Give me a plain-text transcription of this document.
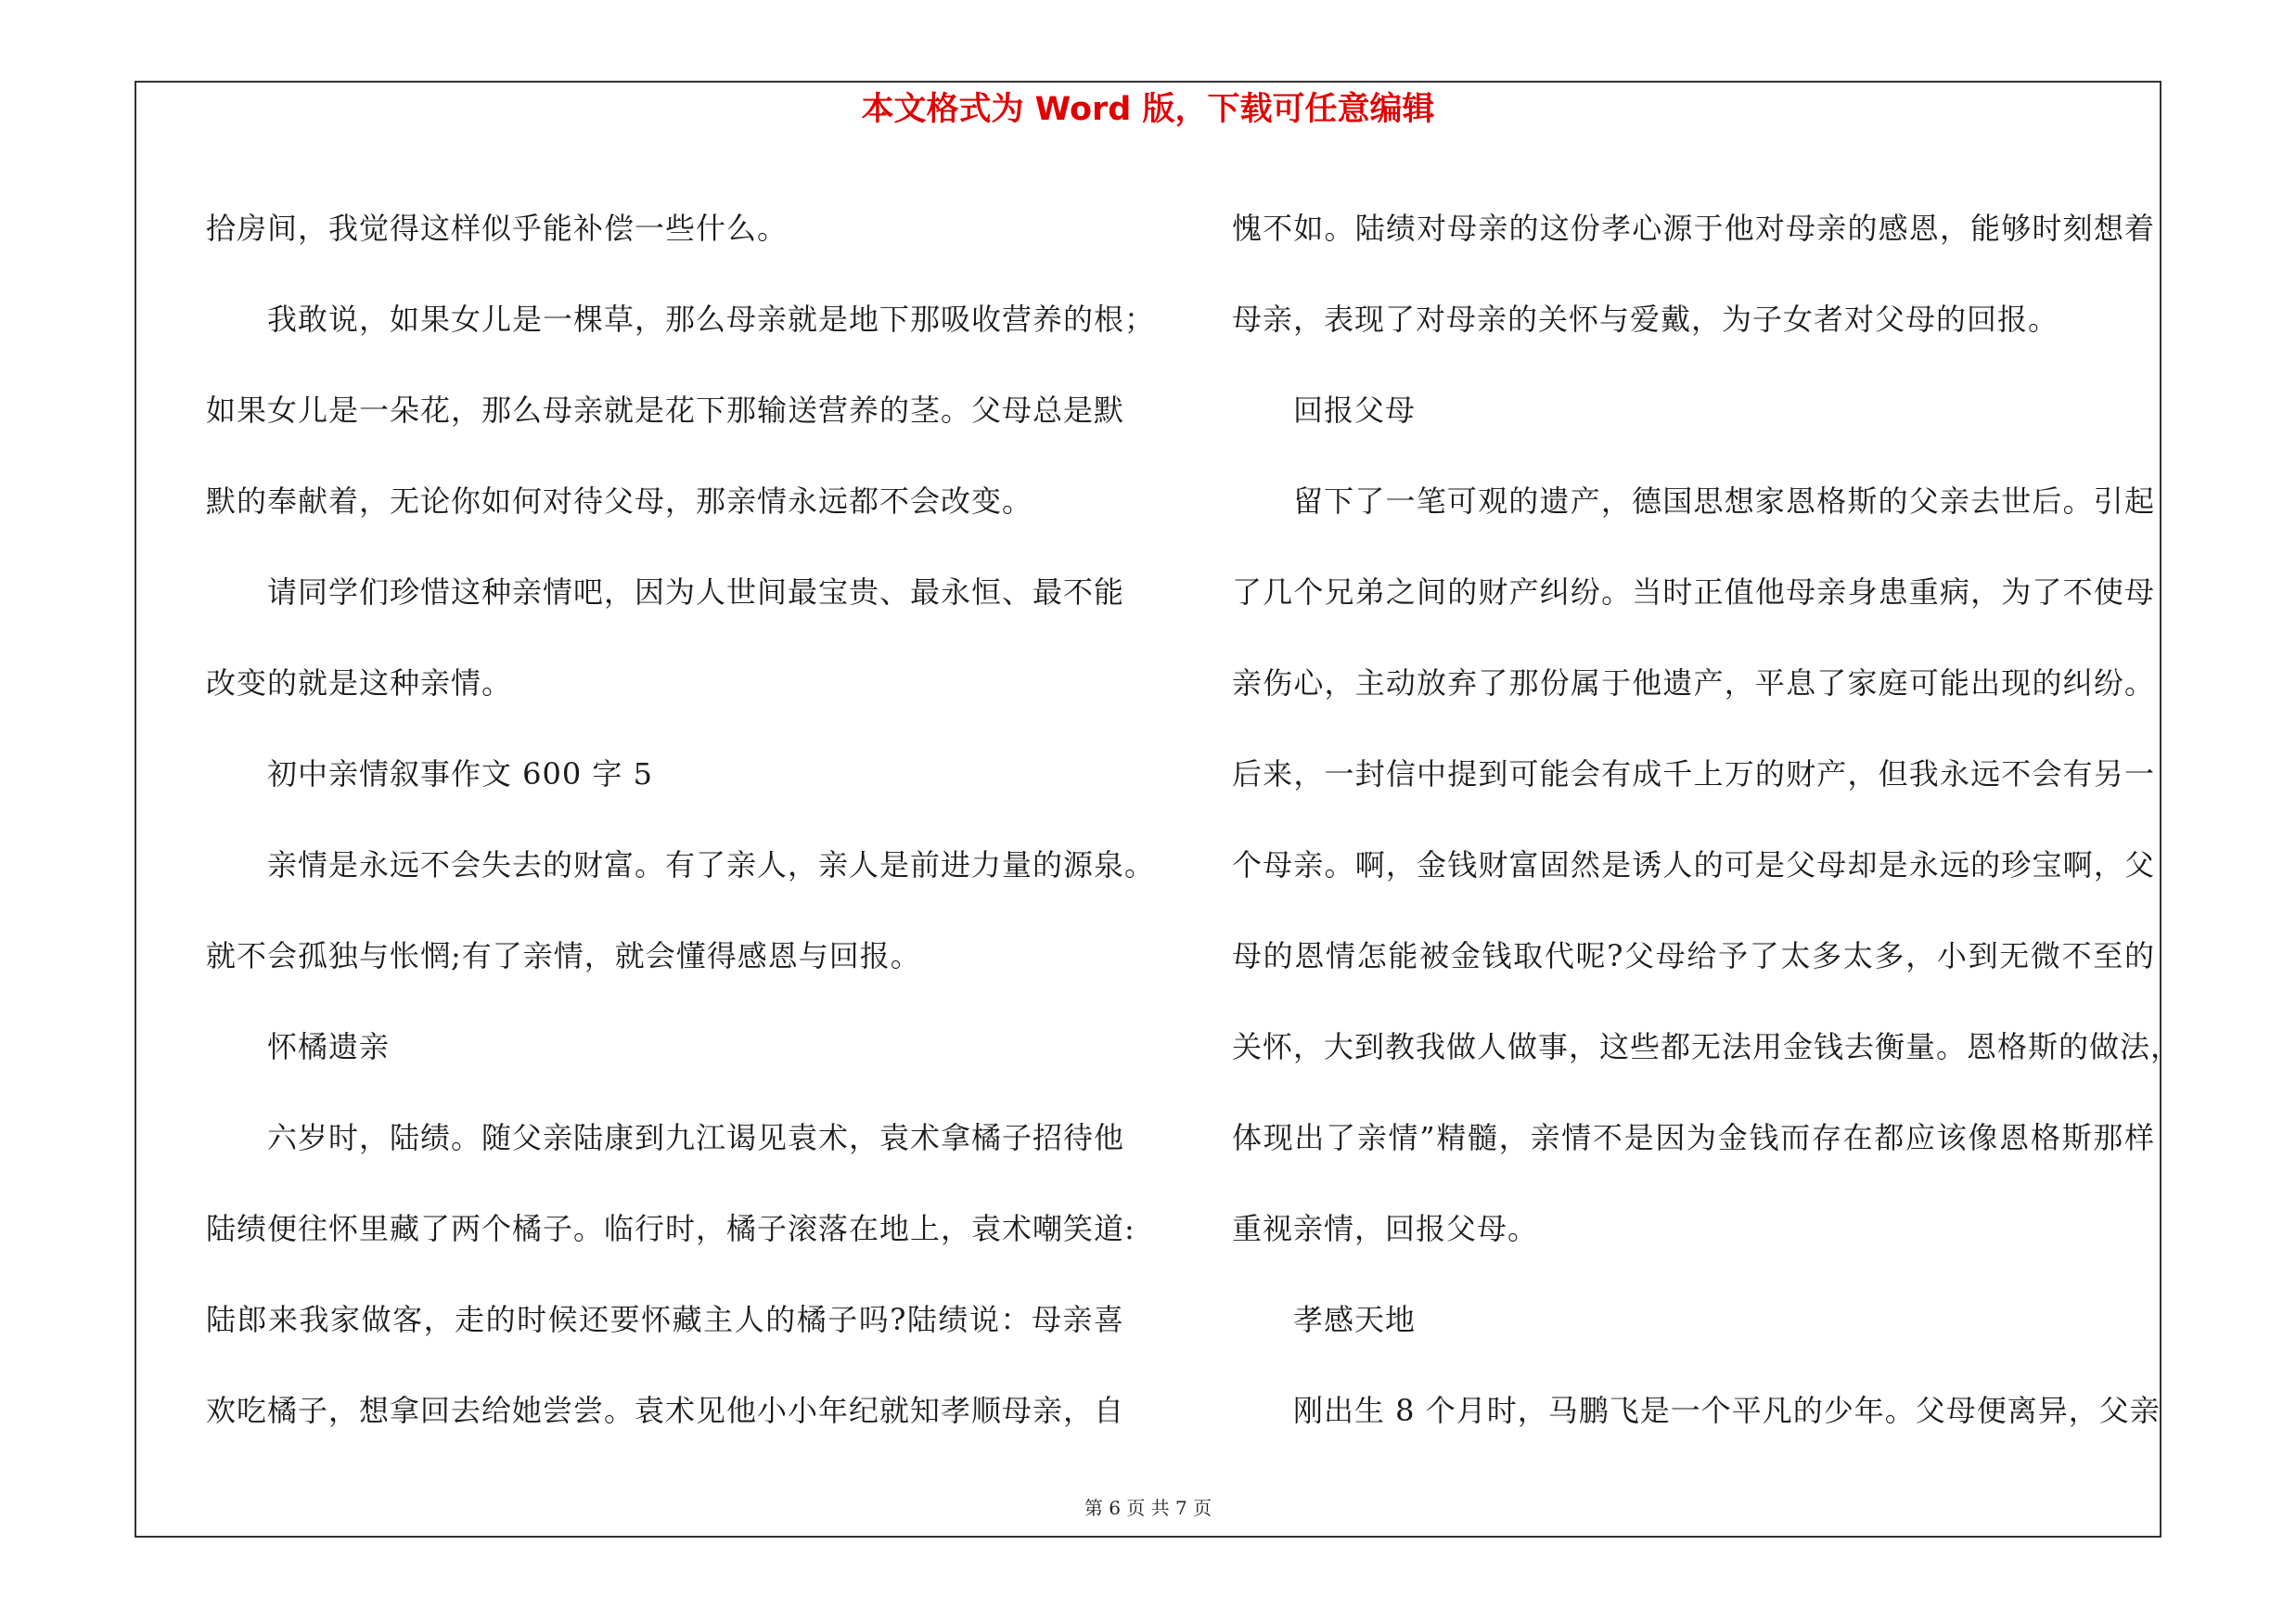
本文格式为 Word 版，下载可任意编辑
拾房间，我觉得这样似乎能补偿一些什么。
我敢说，如果女儿是一棵草，那么母亲就是地下那吸收营养的根；
如果女儿是一朵花，那么母亲就是花下那输送营养的茎。父母总是默
默的奉献着，无论你如何对待父母，那亲情永远都不会改变。
请同学们珍惜这种亲情吧，因为人世间最宝贵、最永恒、最不能
改变的就是这种亲情。
初中亲情叙事作文 600 字 5
亲情是永远不会失去的财富。有了亲人，亲人是前进力量的源泉。
就不会孤独与怅惘;有了亲情，就会懂得感恩与回报。
怀橘遗亲
六岁时，陆绩。随父亲陆康到九江谒见袁术，袁术拿橘子招待他
陆绩便往怀里藏了两个橘子。临行时，橘子滚落在地上，袁术嘲笑道:
陆郎来我家做客，走的时候还要怀藏主人的橘子吗?陆绩说：母亲喜
欢吃橘子，想拿回去给她尝尝。袁术见他小小年纪就知孝顺母亲，自
愧不如。陆绩对母亲的这份孝心源于他对母亲的感恩，能够时刻想着
母亲，表现了对母亲的关怀与爱戴，为子女者对父母的回报。
回报父母
留下了一笔可观的遗产，德国思想家恩格斯的父亲去世后。引起
了几个兄弟之间的财产纠纷。当时正值他母亲身患重病，为了不使母
亲伤心，主动放弃了那份属于他遗产，平息了家庭可能出现的纠纷。
后来，一封信中提到可能会有成千上万的财产，但我永远不会有另一
个母亲。啊，金钱财富固然是诱人的可是父母却是永远的珍宝啊，父
母的恩情怎能被金钱取代呢?父母给予了太多太多，小到无微不至的
关怀，大到教我做人做事，这些都无法用金钱去衡量。恩格斯的做法，
体现出了亲情”精髓，亲情不是因为金钱而存在都应该像恩格斯那样
重视亲情，回报父母。
孝感天地
刚出生 8 个月时，马鹏飞是一个平凡的少年。父母便离异，父亲
第 6 页 共 7 页
